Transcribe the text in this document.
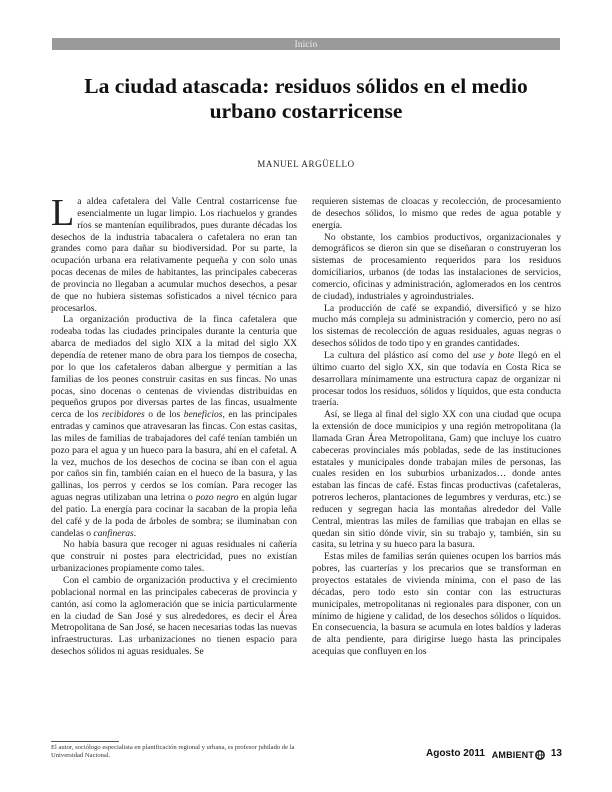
Inicio
La ciudad atascada: residuos sólidos en el medio urbano costarricense
MANUEL ARGÜELLO

La aldea cafetalera del Valle Central costarricense fue esencialmente un lugar limpio. Los riachuelos y grandes ríos se mantenían equilibrados, pues durante décadas los desechos de la industria tabacalera o cafetalera no eran tan grandes como para dañar su biodiversidad. Por su parte, la ocupación urbana era relativamente pequeña y con solo unas pocas decenas de miles de habitantes, las principales cabeceras de provincia no llegaban a acumular muchos desechos, a pesar de que no hubiera sistemas sofisticados a nivel técnico para procesarlos.

La organización productiva de la finca cafetalera que rodeaba todas las ciudades principales durante la centuria que abarca de mediados del siglo XIX a la mitad del siglo XX dependía de retener mano de obra para los tiempos de cosecha, por lo que los cafetaleros daban albergue y permitían a las familias de los peones construir casitas en sus fincas. No unas pocas, sino docenas o centenas de viviendas distribuidas en pequeños grupos por diversas partes de las fincas, usualmente cerca de los recibidores o de los beneficios, en las principales entradas y caminos que atravesaran las fincas. Con estas casitas, las miles de familias de trabajadores del café tenían también un pozo para el agua y un hueco para la basura, ahí en el cafetal. A la vez, muchos de los desechos de cocina se iban con el agua por caños sin fin, también caían en el hueco de la basura, y las gallinas, los perros y cerdos se los comían. Para recoger las aguas negras utilizaban una letrina o pozo negro en algún lugar del patio. La energía para cocinar la sacaban de la propia leña del café y de la poda de árboles de sombra; se iluminaban con candelas o canfineras.

No había basura que recoger ni aguas residuales ni cañería que construir ni postes para electricidad, pues no existían urbanizaciones propiamente como tales.

Con el cambio de organización productiva y el crecimiento poblacional normal en las principales cabeceras de provincia y cantón, así como la aglomeración que se inicia particularmente en la ciudad de San José y sus alrededores, es decir el Área Metropolitana de San José, se hacen necesarias todas las nuevas infraestructuras. Las urbanizaciones no tienen espacio para desechos sólidos ni aguas residuales. Se

requieren sistemas de cloacas y recolección, de procesamiento de desechos sólidos, lo mismo que redes de agua potable y energía.

No obstante, los cambios productivos, organizacionales y demográficos se dieron sin que se diseñaran o construyeran los sistemas de procesamiento requeridos para los residuos domiciliarios, urbanos (de todas las instalaciones de servicios, comercio, oficinas y administración, aglomerados en los centros de ciudad), industriales y agroindustriales.

La producción de café se expandió, diversificó y se hizo mucho más compleja su administración y comercio, pero no así los sistemas de recolección de aguas residuales, aguas negras o desechos sólidos de todo tipo y en grandes cantidades.

La cultura del plástico así como del use y bote llegó en el último cuarto del siglo XX, sin que todavía en Costa Rica se desarrollara mínimamente una estructura capaz de organizar ni procesar todos los residuos, sólidos y líquidos, que esta conducta traería.

Así, se llega al final del siglo XX con una ciudad que ocupa la extensión de doce municipios y una región metropolitana (la llamada Gran Área Metropolitana, Gam) que incluye los cuatro cabeceras provinciales más pobladas, sede de las instituciones estatales y municipales donde trabajan miles de personas, las cuales residen en los suburbios urbanizados… donde antes estaban las fincas de café. Estas fincas productivas (cafetaleras, potreros lecheros, plantaciones de legumbres y verduras, etc.) se reducen y segregan hacia las montañas alrededor del Valle Central, mientras las miles de familias que trabajan en ellas se quedan sin sitio dónde vivir, sin su trabajo y, también, sin su casita, su letrina y su hueco para la basura.

Estas miles de familias serán quienes ocupen los barrios más pobres, las cuarterías y los precarios que se transforman en proyectos estatales de vivienda mínima, con el paso de las décadas, pero todo esto sin contar con las estructuras municipales, metropolitanas ni regionales para disponer, con un mínimo de higiene y calidad, de los desechos sólidos o líquidos. En consecuencia, la basura se acumula en lotes baldíos y laderas de alta pendiente, para dirigirse luego hasta las principales acequias que confluyen en los

El autor, sociólogo especialista en planificación regional y urbana, es profesor jubilado de la Universidad Nacional.	Agosto 2011 AMBIENT 13
